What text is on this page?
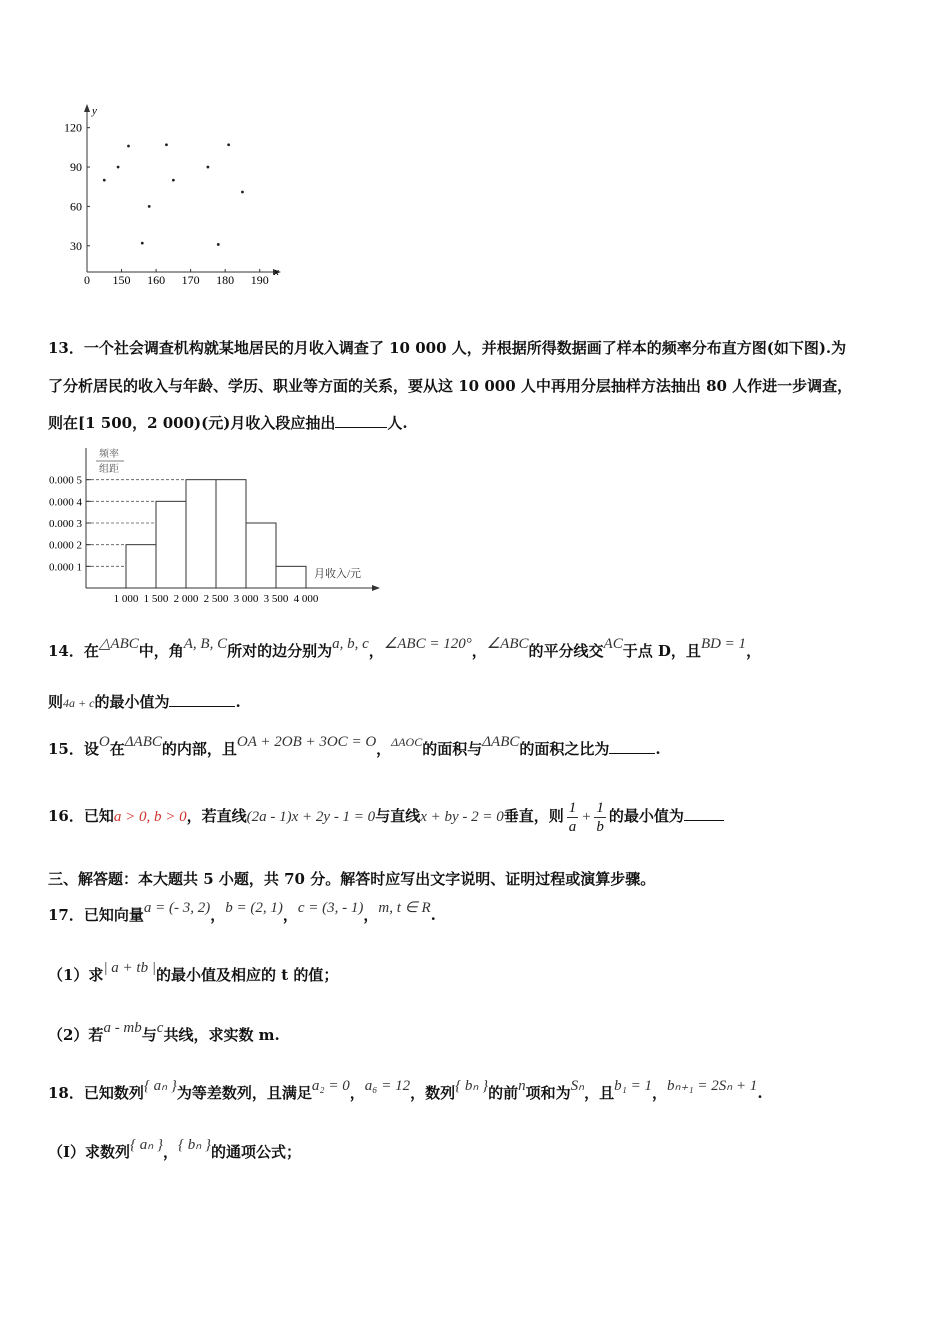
y
x
120
90
60
30
150 160 170 180 190
0
13．一个社会调查机构就某地居民的月收入调查了 10 000 人，并根据所得数据画了样本的频率分布直方图(如下图).为
了分析居民的收入与年龄、学历、职业等方面的关系，要从这 10 000 人中再用分层抽样方法抽出 80 人作进一步调查，
则在[1 500，2 000)(元)月收入段应抽出	人.
频率
组距
0.000 5
0.000 4
0.000 3
0.000 2
0.000 1
1 000 1 500 2 000 2 500 3 000 3 500 4 000
月收入/元
14．在△ABC中，角A, B, C所对的边分别为a, b, c，∠ABC = 120°，∠ABC的平分线交AC于点 D，且BD = 1，
则4a + c的最小值为	.
15．设O在ΔABC的内部，且OA + 2OB + 3OC = O，$^{\Delta AOC}$的面积与ΔABC的面积之比为	.
16．已知a > 0, b > 0，若直线(2a - 1)x + 2y - 1 = 0与直线x + by - 2 = 0垂直，则 $\frac{1}{a} + \frac{1}{b}$ 的最小值为
三、解答题：本大题共 5 小题，共 70 分。解答时应写出文字说明、证明过程或演算步骤。
17．已知向量a = (- 3, 2)，b = (2, 1)，c = (3, - 1)，m, t ∈ R.
（1）求| a + tb |的最小值及相应的 t 的值；
（2）若a - mb与c共线，求实数 m.
18．已知数列{ aₙ }为等差数列，且满足a₂ = 0，a₆ = 12，数列{ bₙ }的前n项和为Sₙ，且b₁ = 1，bₙ₊₁ = 2Sₙ + 1.
（Ⅰ）求数列{ aₙ }，{ bₙ }的通项公式；
